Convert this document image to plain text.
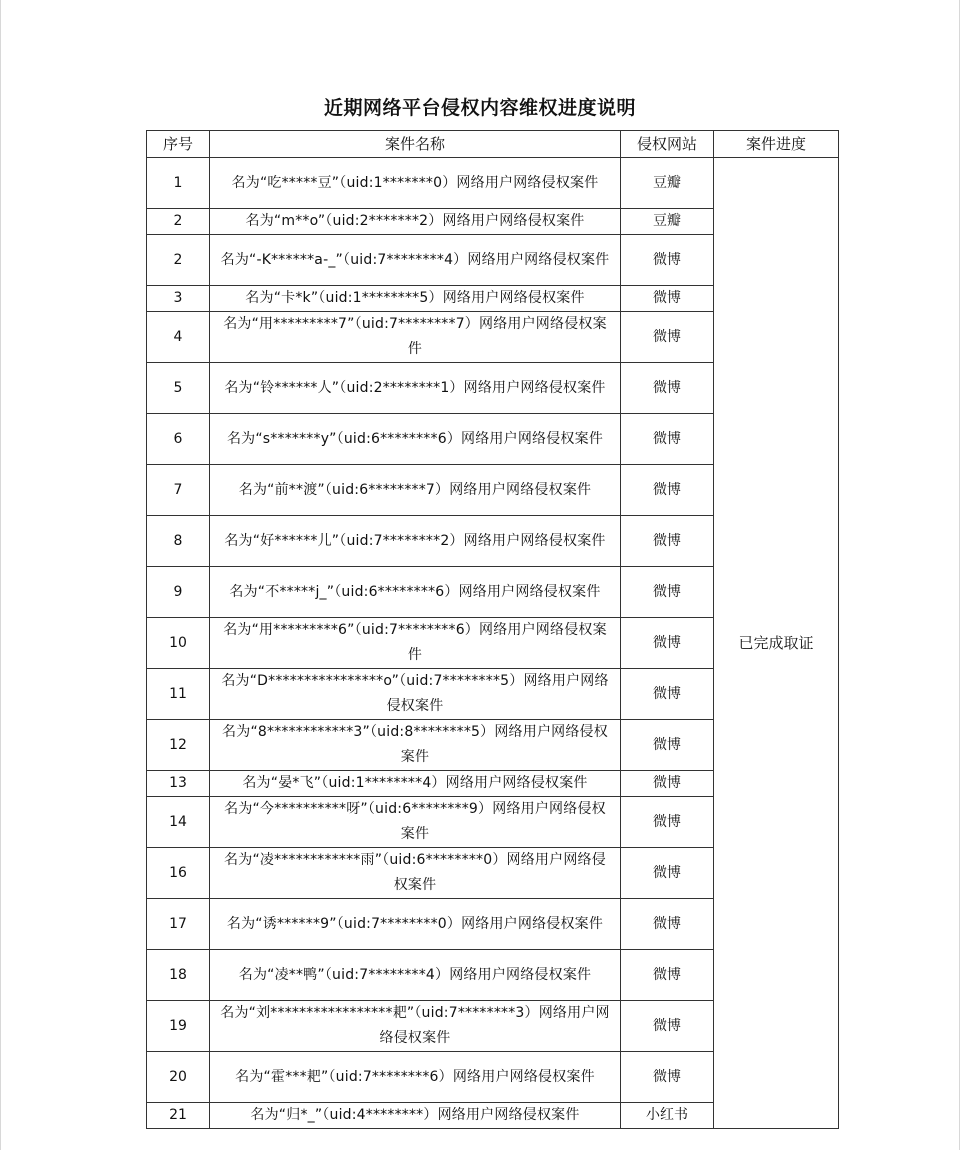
近期网络平台侵权内容维权进度说明
序号	案件名称	侵权网站	案件进度
1	名为“吃*****豆”（uid:1*******0）网络用户网络侵权案件	豆瓣	已完成取证
2	名为“m**o”（uid:2*******2）网络用户网络侵权案件	豆瓣	
2	名为“-K******a-_”（uid:7********4）网络用户网络侵权案件	微博	
3	名为“卡*k”（uid:1********5）网络用户网络侵权案件	微博	
4	名为“用*********7”（uid:7********7）网络用户网络侵权案件	微博	
5	名为“铃******人”（uid:2********1）网络用户网络侵权案件	微博	
6	名为“s*******y”（uid:6********6）网络用户网络侵权案件	微博	
7	名为“前**渡”（uid:6********7）网络用户网络侵权案件	微博	
8	名为“好******儿”（uid:7********2）网络用户网络侵权案件	微博	
9	名为“不*****j_”（uid:6********6）网络用户网络侵权案件	微博	
10	名为“用*********6”（uid:7********6）网络用户网络侵权案件	微博	
11	名为“D****************o”（uid:7********5）网络用户网络侵权案件	微博	
12	名为“8************3”（uid:8********5）网络用户网络侵权案件	微博	
13	名为“晏*飞”（uid:1********4）网络用户网络侵权案件	微博	
14	名为“今**********呀”（uid:6********9）网络用户网络侵权案件	微博	
16	名为“凌************雨”（uid:6********0）网络用户网络侵权案件	微博	
17	名为“诱******9”（uid:7********0）网络用户网络侵权案件	微博	
18	名为“凌**鸭”（uid:7********4）网络用户网络侵权案件	微博	
19	名为“刘*****************耙”（uid:7********3）网络用户网络侵权案件	微博	
20	名为“霍***耙”（uid:7********6）网络用户网络侵权案件	微博	
21	名为“归*_”（uid:4********）网络用户网络侵权案件	小红书	
